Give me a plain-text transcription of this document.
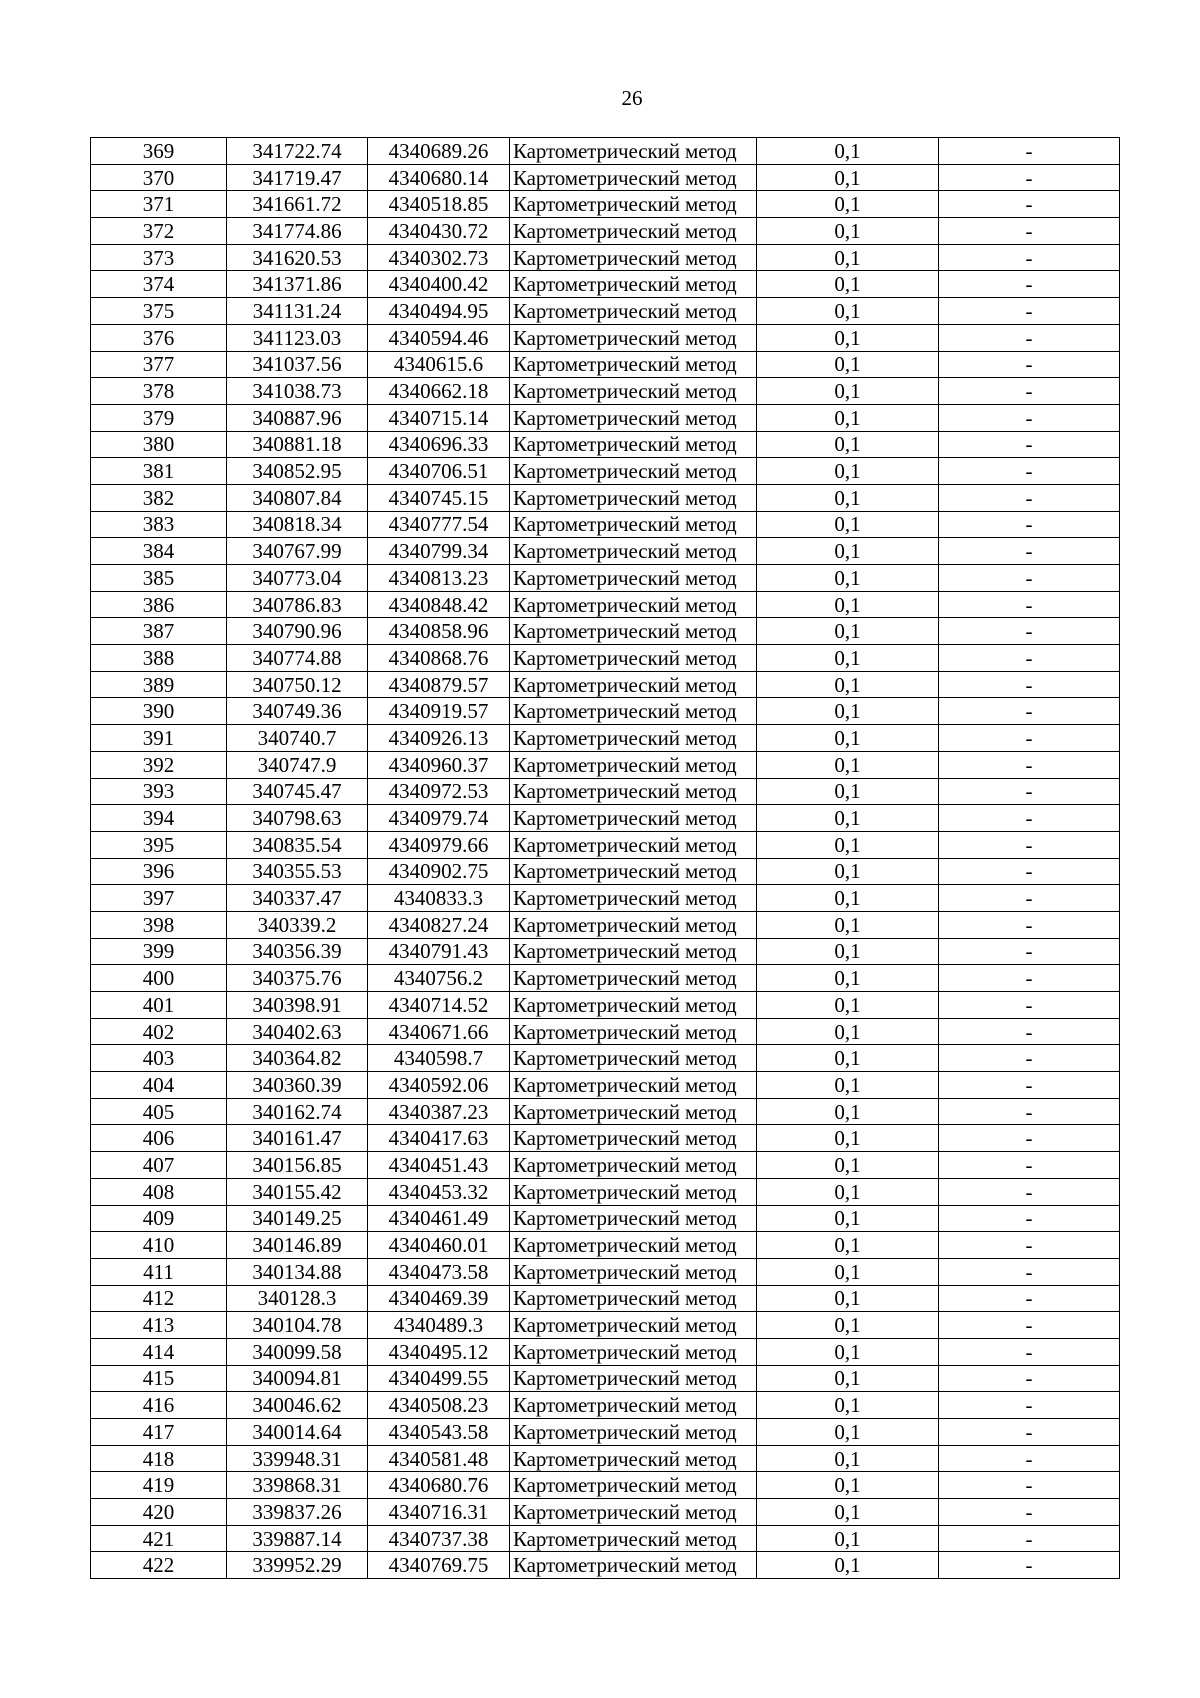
26
369	341722.74	4340689.26	Картометрический метод	0,1	-
370	341719.47	4340680.14	Картометрический метод	0,1	-
371	341661.72	4340518.85	Картометрический метод	0,1	-
372	341774.86	4340430.72	Картометрический метод	0,1	-
373	341620.53	4340302.73	Картометрический метод	0,1	-
374	341371.86	4340400.42	Картометрический метод	0,1	-
375	341131.24	4340494.95	Картометрический метод	0,1	-
376	341123.03	4340594.46	Картометрический метод	0,1	-
377	341037.56	4340615.6	Картометрический метод	0,1	-
378	341038.73	4340662.18	Картометрический метод	0,1	-
379	340887.96	4340715.14	Картометрический метод	0,1	-
380	340881.18	4340696.33	Картометрический метод	0,1	-
381	340852.95	4340706.51	Картометрический метод	0,1	-
382	340807.84	4340745.15	Картометрический метод	0,1	-
383	340818.34	4340777.54	Картометрический метод	0,1	-
384	340767.99	4340799.34	Картометрический метод	0,1	-
385	340773.04	4340813.23	Картометрический метод	0,1	-
386	340786.83	4340848.42	Картометрический метод	0,1	-
387	340790.96	4340858.96	Картометрический метод	0,1	-
388	340774.88	4340868.76	Картометрический метод	0,1	-
389	340750.12	4340879.57	Картометрический метод	0,1	-
390	340749.36	4340919.57	Картометрический метод	0,1	-
391	340740.7	4340926.13	Картометрический метод	0,1	-
392	340747.9	4340960.37	Картометрический метод	0,1	-
393	340745.47	4340972.53	Картометрический метод	0,1	-
394	340798.63	4340979.74	Картометрический метод	0,1	-
395	340835.54	4340979.66	Картометрический метод	0,1	-
396	340355.53	4340902.75	Картометрический метод	0,1	-
397	340337.47	4340833.3	Картометрический метод	0,1	-
398	340339.2	4340827.24	Картометрический метод	0,1	-
399	340356.39	4340791.43	Картометрический метод	0,1	-
400	340375.76	4340756.2	Картометрический метод	0,1	-
401	340398.91	4340714.52	Картометрический метод	0,1	-
402	340402.63	4340671.66	Картометрический метод	0,1	-
403	340364.82	4340598.7	Картометрический метод	0,1	-
404	340360.39	4340592.06	Картометрический метод	0,1	-
405	340162.74	4340387.23	Картометрический метод	0,1	-
406	340161.47	4340417.63	Картометрический метод	0,1	-
407	340156.85	4340451.43	Картометрический метод	0,1	-
408	340155.42	4340453.32	Картометрический метод	0,1	-
409	340149.25	4340461.49	Картометрический метод	0,1	-
410	340146.89	4340460.01	Картометрический метод	0,1	-
411	340134.88	4340473.58	Картометрический метод	0,1	-
412	340128.3	4340469.39	Картометрический метод	0,1	-
413	340104.78	4340489.3	Картометрический метод	0,1	-
414	340099.58	4340495.12	Картометрический метод	0,1	-
415	340094.81	4340499.55	Картометрический метод	0,1	-
416	340046.62	4340508.23	Картометрический метод	0,1	-
417	340014.64	4340543.58	Картометрический метод	0,1	-
418	339948.31	4340581.48	Картометрический метод	0,1	-
419	339868.31	4340680.76	Картометрический метод	0,1	-
420	339837.26	4340716.31	Картометрический метод	0,1	-
421	339887.14	4340737.38	Картометрический метод	0,1	-
422	339952.29	4340769.75	Картометрический метод	0,1	-
